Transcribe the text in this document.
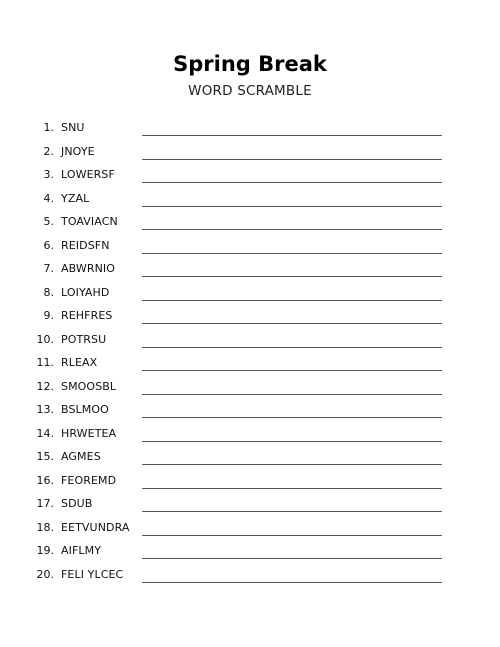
Spring Break
WORD SCRAMBLE
1. SNU
2. JNOYE
3. LOWERSF
4. YZAL
5. TOAVIACN
6. REIDSFN
7. ABWRNIO
8. LOIYAHD
9. REHFRES
10. POTRSU
11. RLEAX
12. SMOOSBL
13. BSLMOO
14. HRWETEA
15. AGMES
16. FEOREMD
17. SDUB
18. EETVUNDRA
19. AIFLMY
20. FELI YLCEC
